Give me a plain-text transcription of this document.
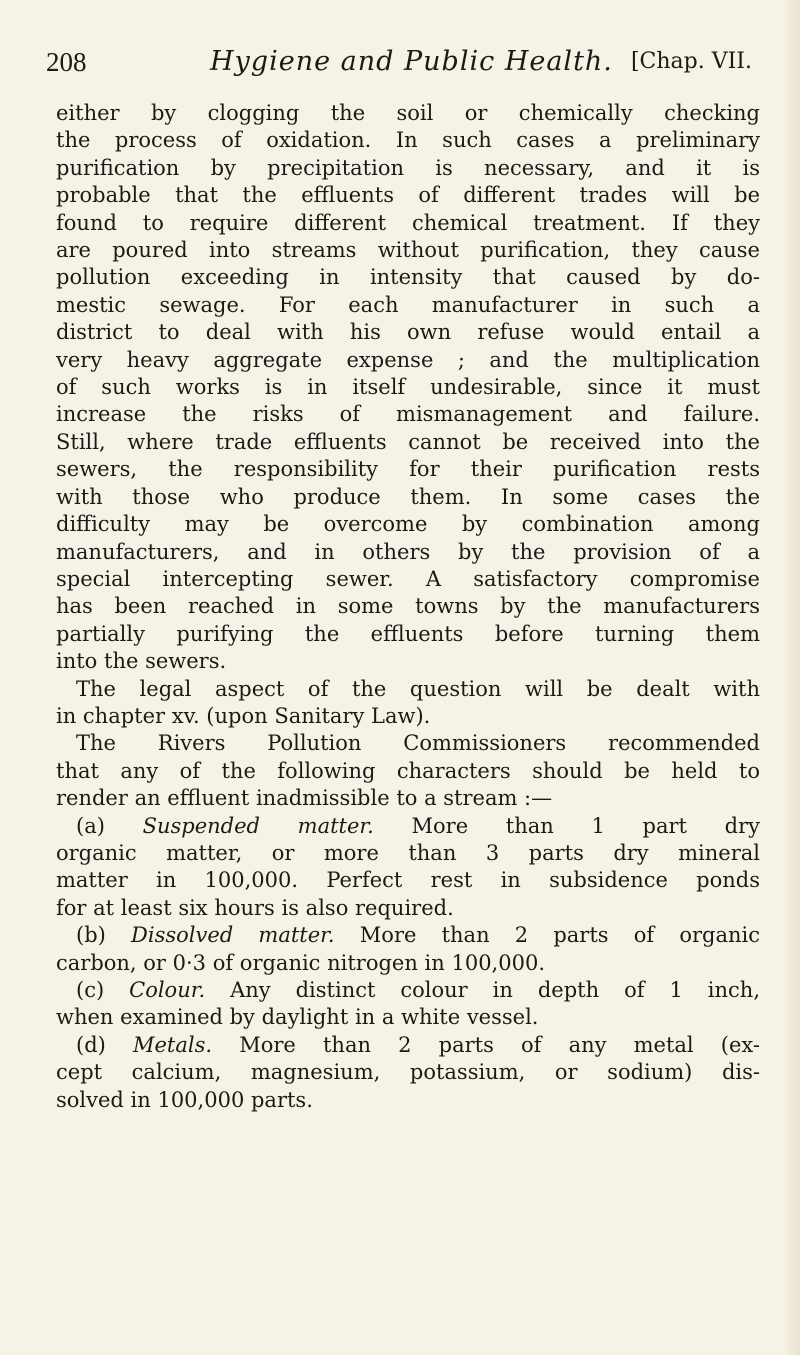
208	Hygiene and Public Health. [Chap. VII.
either by clogging the soil or chemically checking
the process of oxidation. In such cases a preliminary
purification by precipitation is necessary, and it is
probable that the effluents of different trades will be
found to require different chemical treatment. If they
are poured into streams without purification, they cause
pollution exceeding in intensity that caused by do-
mestic sewage. For each manufacturer in such a
district to deal with his own refuse would entail a
very heavy aggregate expense ; and the multiplication
of such works is in itself undesirable, since it must
increase the risks of mismanagement and failure.
Still, where trade effluents cannot be received into the
sewers, the responsibility for their purification rests
with those who produce them. In some cases the
difficulty may be overcome by combination among
manufacturers, and in others by the provision of a
special intercepting sewer. A satisfactory compromise
has been reached in some towns by the manufacturers
partially purifying the effluents before turning them
into the sewers.
The legal aspect of the question will be dealt with
in chapter xv. (upon Sanitary Law).
The Rivers Pollution Commissioners recommended
that any of the following characters should be held to
render an effluent inadmissible to a stream :—
(a) Suspended matter. More than 1 part dry
organic matter, or more than 3 parts dry mineral
matter in 100,000. Perfect rest in subsidence ponds
for at least six hours is also required.
(b) Dissolved matter. More than 2 parts of organic
carbon, or 0·3 of organic nitrogen in 100,000.
(c) Colour. Any distinct colour in depth of 1 inch,
when examined by daylight in a white vessel.
(d) Metals. More than 2 parts of any metal (ex-
cept calcium, magnesium, potassium, or sodium) dis-
solved in 100,000 parts.
